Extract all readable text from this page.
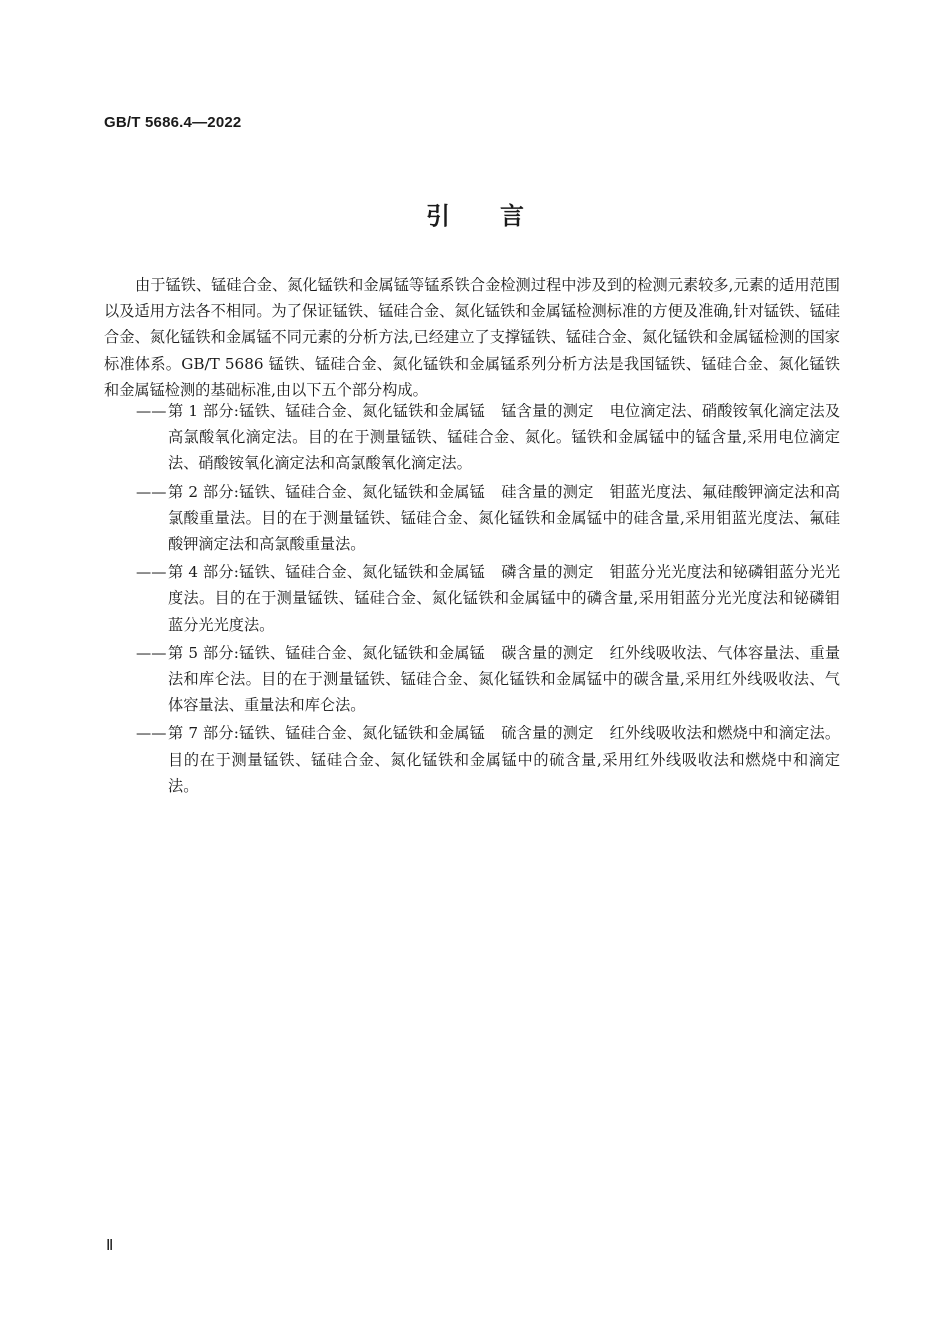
GB/T 5686.4—2022
引言

由于锰铁、锰硅合金、氮化锰铁和金属锰等锰系铁合金检测过程中涉及到的检测元素较多,元素的适用范围以及适用方法各不相同。为了保证锰铁、锰硅合金、氮化锰铁和金属锰检测标准的方便及准确,针对锰铁、锰硅合金、氮化锰铁和金属锰不同元素的分析方法,已经建立了支撑锰铁、锰硅合金、氮化锰铁和金属锰检测的国家标准体系。GB/T 5686 锰铁、锰硅合金、氮化锰铁和金属锰系列分析方法是我国锰铁、锰硅合金、氮化锰铁和金属锰检测的基础标准,由以下五个部分构成。

—— 第 1 部分:锰铁、锰硅合金、氮化锰铁和金属锰 锰含量的测定 电位滴定法、硝酸铵氧化滴定法及高氯酸氧化滴定法。目的在于测量锰铁、锰硅合金、氮化。锰铁和金属锰中的锰含量,采用电位滴定法、硝酸铵氧化滴定法和高氯酸氧化滴定法。
—— 第 2 部分:锰铁、锰硅合金、氮化锰铁和金属锰 硅含量的测定 钼蓝光度法、氟硅酸钾滴定法和高氯酸重量法。目的在于测量锰铁、锰硅合金、氮化锰铁和金属锰中的硅含量,采用钼蓝光度法、氟硅酸钾滴定法和高氯酸重量法。
—— 第 4 部分:锰铁、锰硅合金、氮化锰铁和金属锰 磷含量的测定 钼蓝分光光度法和铋磷钼蓝分光光度法。目的在于测量锰铁、锰硅合金、氮化锰铁和金属锰中的磷含量,采用钼蓝分光光度法和铋磷钼蓝分光光度法。
—— 第 5 部分:锰铁、锰硅合金、氮化锰铁和金属锰 碳含量的测定 红外线吸收法、气体容量法、重量法和库仑法。目的在于测量锰铁、锰硅合金、氮化锰铁和金属锰中的碳含量,采用红外线吸收法、气体容量法、重量法和库仑法。
—— 第 7 部分:锰铁、锰硅合金、氮化锰铁和金属锰 硫含量的测定 红外线吸收法和燃烧中和滴定法。目的在于测量锰铁、锰硅合金、氮化锰铁和金属锰中的硫含量,采用红外线吸收法和燃烧中和滴定法。
Ⅱ
